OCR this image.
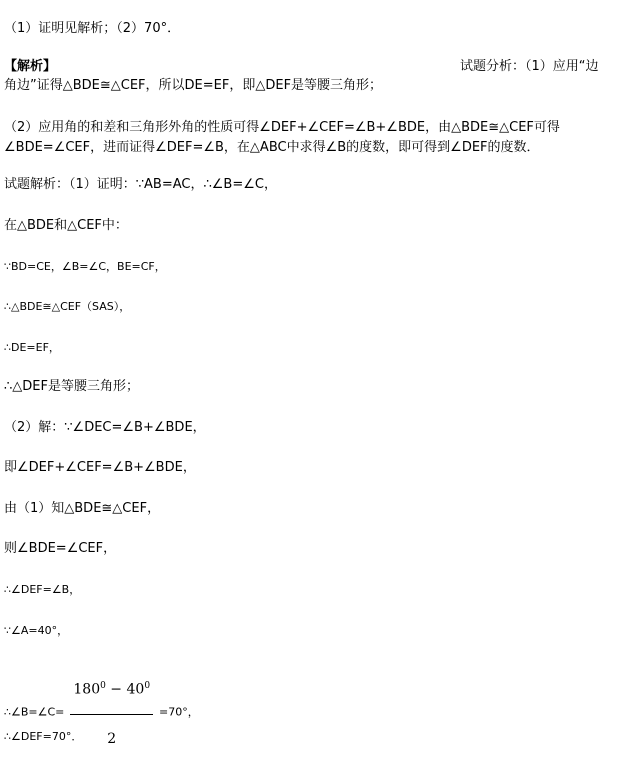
（1）证明见解析；（2）70°．
【解析】	试题分析：（1）应用“边
角边”证得△BDE≅△CEF，所以DE=EF，即△DEF是等腰三角形；
（2）应用角的和差和三角形外角的性质可得∠DEF+∠CEF=∠B+∠BDE，由△BDE≅△CEF可得∠BDE=∠CEF，进而证得∠DEF=∠B，在△ABC中求得∠B的度数，即可得到∠DEF的度数．
试题解析：（1）证明：∵AB=AC，∴∠B=∠C，
在△BDE和△CEF中：
∵BD=CE，∠B=∠C，BE=CF，
∴△BDE≅△CEF（SAS），
∴DE=EF，
∴△DEF是等腰三角形；
（2）解：∵∠DEC=∠B+∠BDE，
即∠DEF+∠CEF=∠B+∠BDE，
由（1）知△BDE≅△CEF，
则∠BDE=∠CEF，
∴∠DEF=∠B，
∵∠A=40°，
∴∠B=∠C= $\frac{180^0 - 40^0}{2} =70^\circ$，
∴∠DEF=70°．
